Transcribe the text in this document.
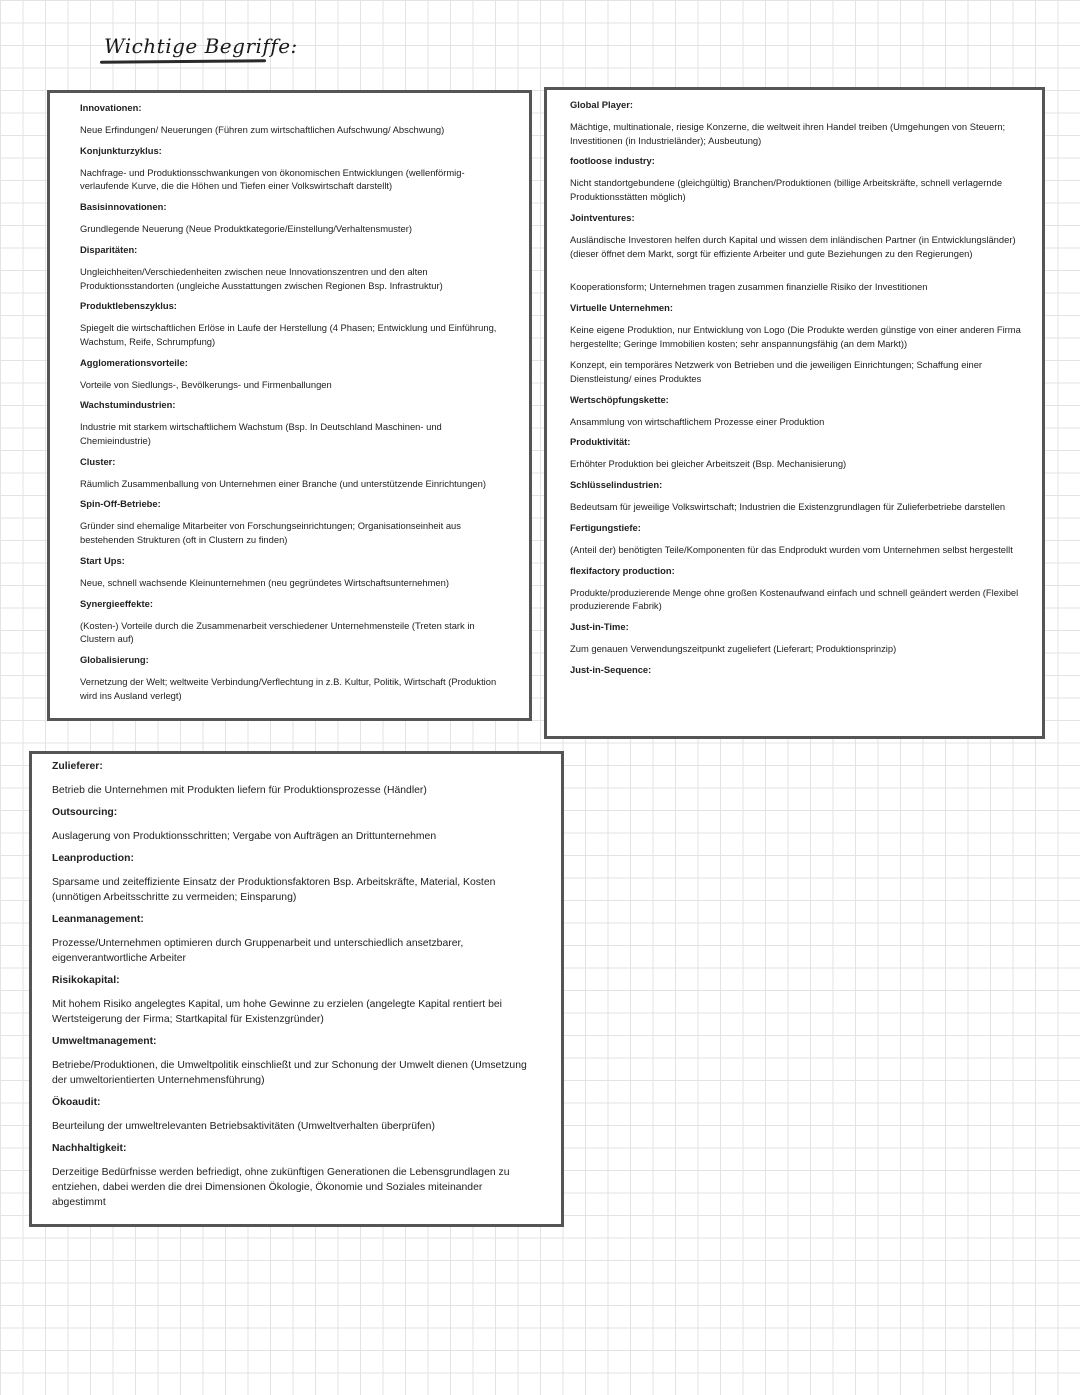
Wichtige Begriffe:
Innovationen:
Neue Erfindungen/ Neuerungen (Führen zum wirtschaftlichen Aufschwung/ Abschwung)
Konjunkturzyklus:
Nachfrage- und Produktionsschwankungen von ökonomischen Entwicklungen (wellenförmig-verlaufende Kurve, die die Höhen und Tiefen einer Volkswirtschaft darstellt)
Basisinnovationen:
Grundlegende Neuerung (Neue Produktkategorie/Einstellung/Verhaltensmuster)
Disparitäten:
Ungleichheiten/Verschiedenheiten zwischen neue Innovationszentren und den alten Produktionsstandorten (ungleiche Ausstattungen zwischen Regionen Bsp. Infrastruktur)
Produktlebenszyklus:
Spiegelt die wirtschaftlichen Erlöse in Laufe der Herstellung (4 Phasen; Entwicklung und Einführung, Wachstum, Reife, Schrumpfung)
Agglomerationsvorteile:
Vorteile von Siedlungs-, Bevölkerungs- und Firmenballungen
Wachstumindustrien:
Industrie mit starkem wirtschaftlichem Wachstum (Bsp. In Deutschland Maschinen- und Chemieindustrie)
Cluster:
Räumlich Zusammenballung von Unternehmen einer Branche (und unterstützende Einrichtungen)
Spin-Off-Betriebe:
Gründer sind ehemalige Mitarbeiter von Forschungseinrichtungen; Organisationseinheit aus bestehenden Strukturen (oft in Clustern zu finden)
Start Ups:
Neue, schnell wachsende Kleinunternehmen (neu gegründetes Wirtschaftsunternehmen)
Synergieeffekte:
(Kosten-) Vorteile durch die Zusammenarbeit verschiedener Unternehmensteile (Treten stark in Clustern auf)
Globalisierung:
Vernetzung der Welt; weltweite Verbindung/Verflechtung in z.B. Kultur, Politik, Wirtschaft (Produktion wird ins Ausland verlegt)
Global Player:
Mächtige, multinationale, riesige Konzerne, die weltweit ihren Handel treiben (Umgehungen von Steuern; Investitionen (in Industrieländer); Ausbeutung)
footloose industry:
Nicht standortgebundene (gleichgültig) Branchen/Produktionen (billige Arbeitskräfte, schnell verlagernde Produktionsstätten möglich)
Jointventures:
Ausländische Investoren helfen durch Kapital und wissen dem inländischen Partner (in Entwicklungsländer) (dieser öffnet dem Markt, sorgt für effiziente Arbeiter und gute Beziehungen zu den Regierungen)
Kooperationsform; Unternehmen tragen zusammen finanzielle Risiko der Investitionen
Virtuelle Unternehmen:
Keine eigene Produktion, nur Entwicklung von Logo (Die Produkte werden günstige von einer anderen Firma hergestellte; Geringe Immobilien kosten; sehr anspannungsfähig (an dem Markt))
Konzept, ein temporäres Netzwerk von Betrieben und die jeweiligen Einrichtungen; Schaffung einer Dienstleistung/ eines Produktes
Wertschöpfungskette:
Ansammlung von wirtschaftlichem Prozesse einer Produktion
Produktivität:
Erhöhter Produktion bei gleicher Arbeitszeit (Bsp. Mechanisierung)
Schlüsselindustrien:
Bedeutsam für jeweilige Volkswirtschaft; Industrien die Existenzgrundlagen für Zulieferbetriebe darstellen
Fertigungstiefe:
(Anteil der) benötigten Teile/Komponenten für das Endprodukt wurden vom Unternehmen selbst hergestellt
flexifactory production:
Produkte/produzierende Menge ohne großen Kostenaufwand einfach und schnell geändert werden (Flexibel produzierende Fabrik)
Just-in-Time:
Zum genauen Verwendungszeitpunkt zugeliefert (Lieferart; Produktionsprinzip)
Just-in-Sequence:
Zulieferer:
Betrieb die Unternehmen mit Produkten liefern für Produktionsprozesse (Händler)
Outsourcing:
Auslagerung von Produktionsschritten; Vergabe von Aufträgen an Drittunternehmen
Leanproduction:
Sparsame und zeiteffiziente Einsatz der Produktionsfaktoren Bsp. Arbeitskräfte, Material, Kosten (unnötigen Arbeitsschritte zu vermeiden; Einsparung)
Leanmanagement:
Prozesse/Unternehmen optimieren durch Gruppenarbeit und unterschiedlich ansetzbarer, eigenverantwortliche Arbeiter
Risikokapital:
Mit hohem Risiko angelegtes Kapital, um hohe Gewinne zu erzielen (angelegte Kapital rentiert bei Wertsteigerung der Firma; Startkapital für Existenzgründer)
Umweltmanagement:
Betriebe/Produktionen, die Umweltpolitik einschließt und zur Schonung der Umwelt dienen (Umsetzung der umweltorientierten Unternehmensführung)
Ökoaudit:
Beurteilung der umweltrelevanten Betriebsaktivitäten (Umweltverhalten überprüfen)
Nachhaltigkeit:
Derzeitige Bedürfnisse werden befriedigt, ohne zukünftigen Generationen die Lebensgrundlagen zu entziehen, dabei werden die drei Dimensionen Ökologie, Ökonomie und Soziales miteinander abgestimmt
